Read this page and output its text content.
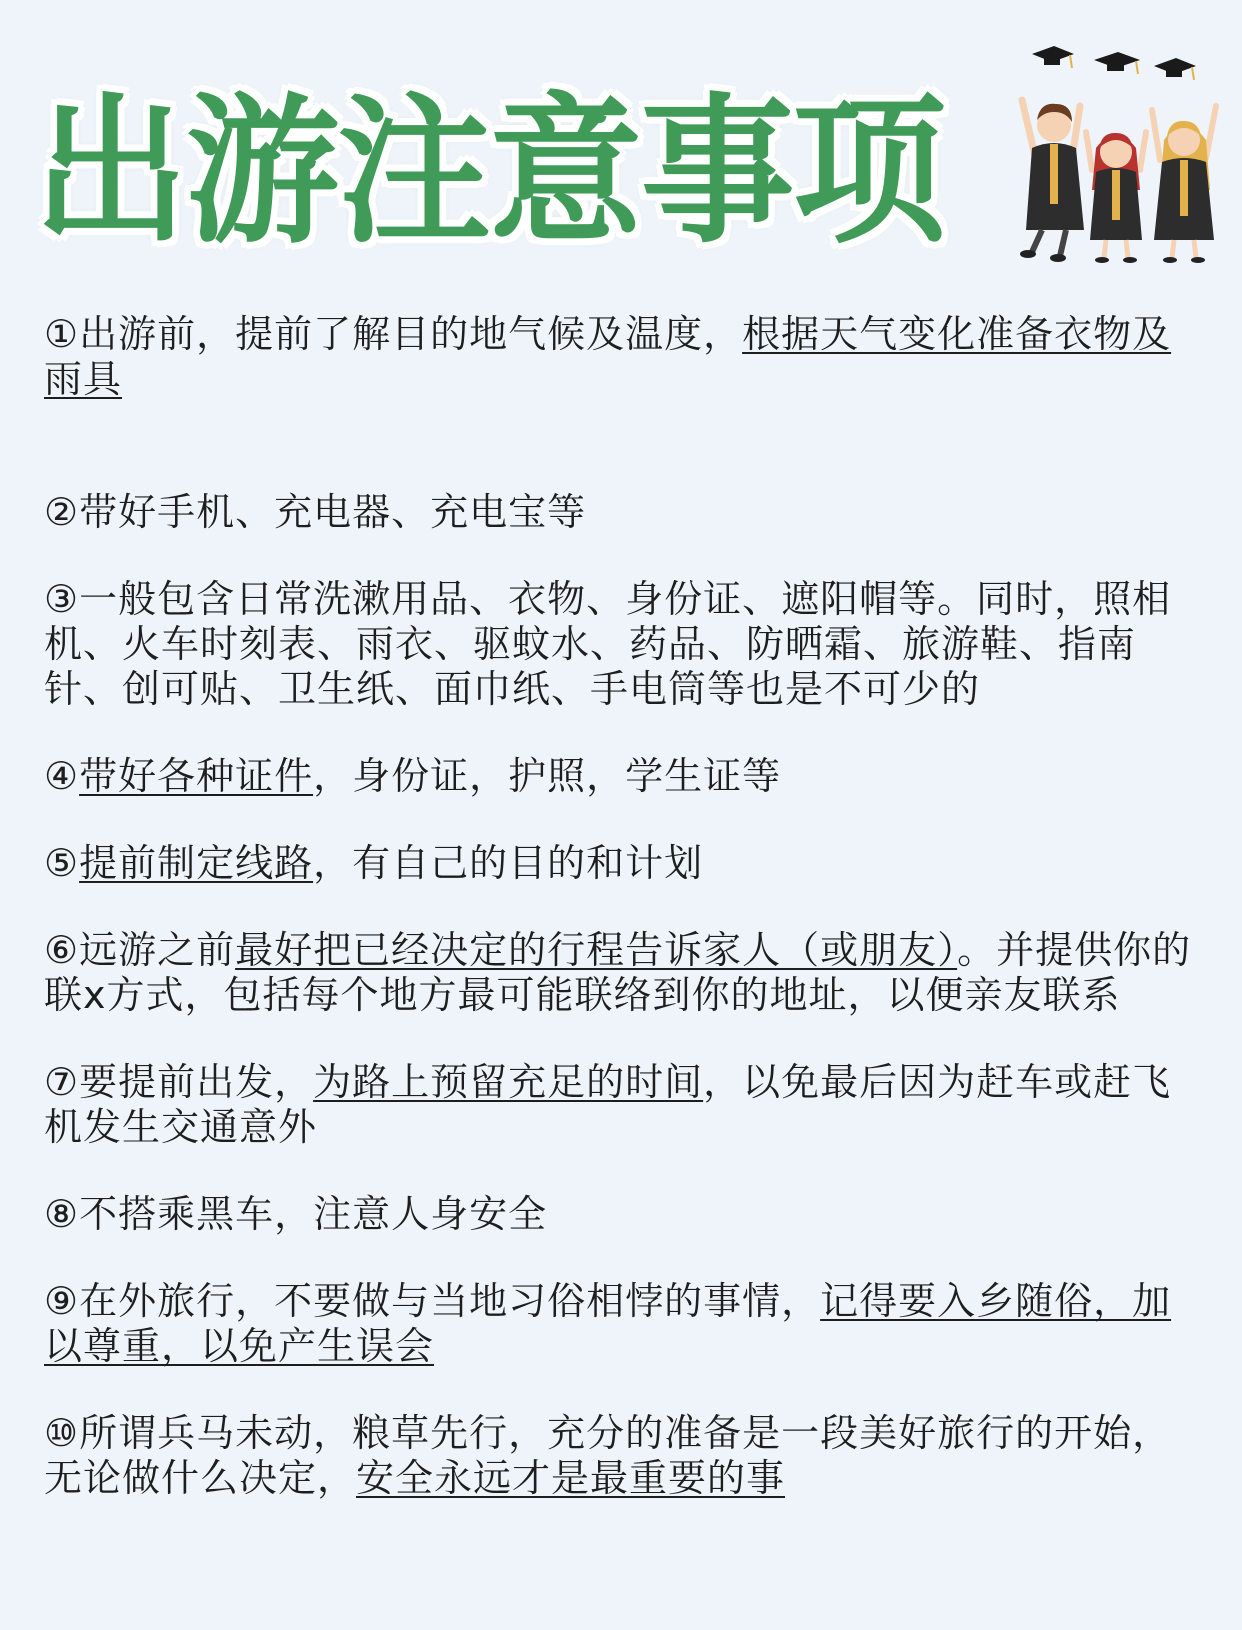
出游注意事项
①出游前，提前了解目的地气候及温度，根据天气变化准备衣物及雨具
②带好手机、充电器、充电宝等
③一般包含日常洗漱用品、衣物、身份证、遮阳帽等。同时，照相机、火车时刻表、雨衣、驱蚊水、药品、防晒霜、旅游鞋、指南针、创可贴、卫生纸、面巾纸、手电筒等也是不可少的
④带好各种证件，身份证，护照，学生证等
⑤提前制定线路，有自己的目的和计划
⑥远游之前最好把已经决定的行程告诉家人（或朋友）。并提供你的联x方式，包括每个地方最可能联络到你的地址，以便亲友联系
⑦要提前出发，为路上预留充足的时间，以免最后因为赶车或赶飞机发生交通意外
⑧不搭乘黑车，注意人身安全
⑨在外旅行，不要做与当地习俗相悖的事情，记得要入乡随俗，加以尊重，以免产生误会
⑩所谓兵马未动，粮草先行，充分的准备是一段美好旅行的开始，无论做什么决定，安全永远才是最重要的事
